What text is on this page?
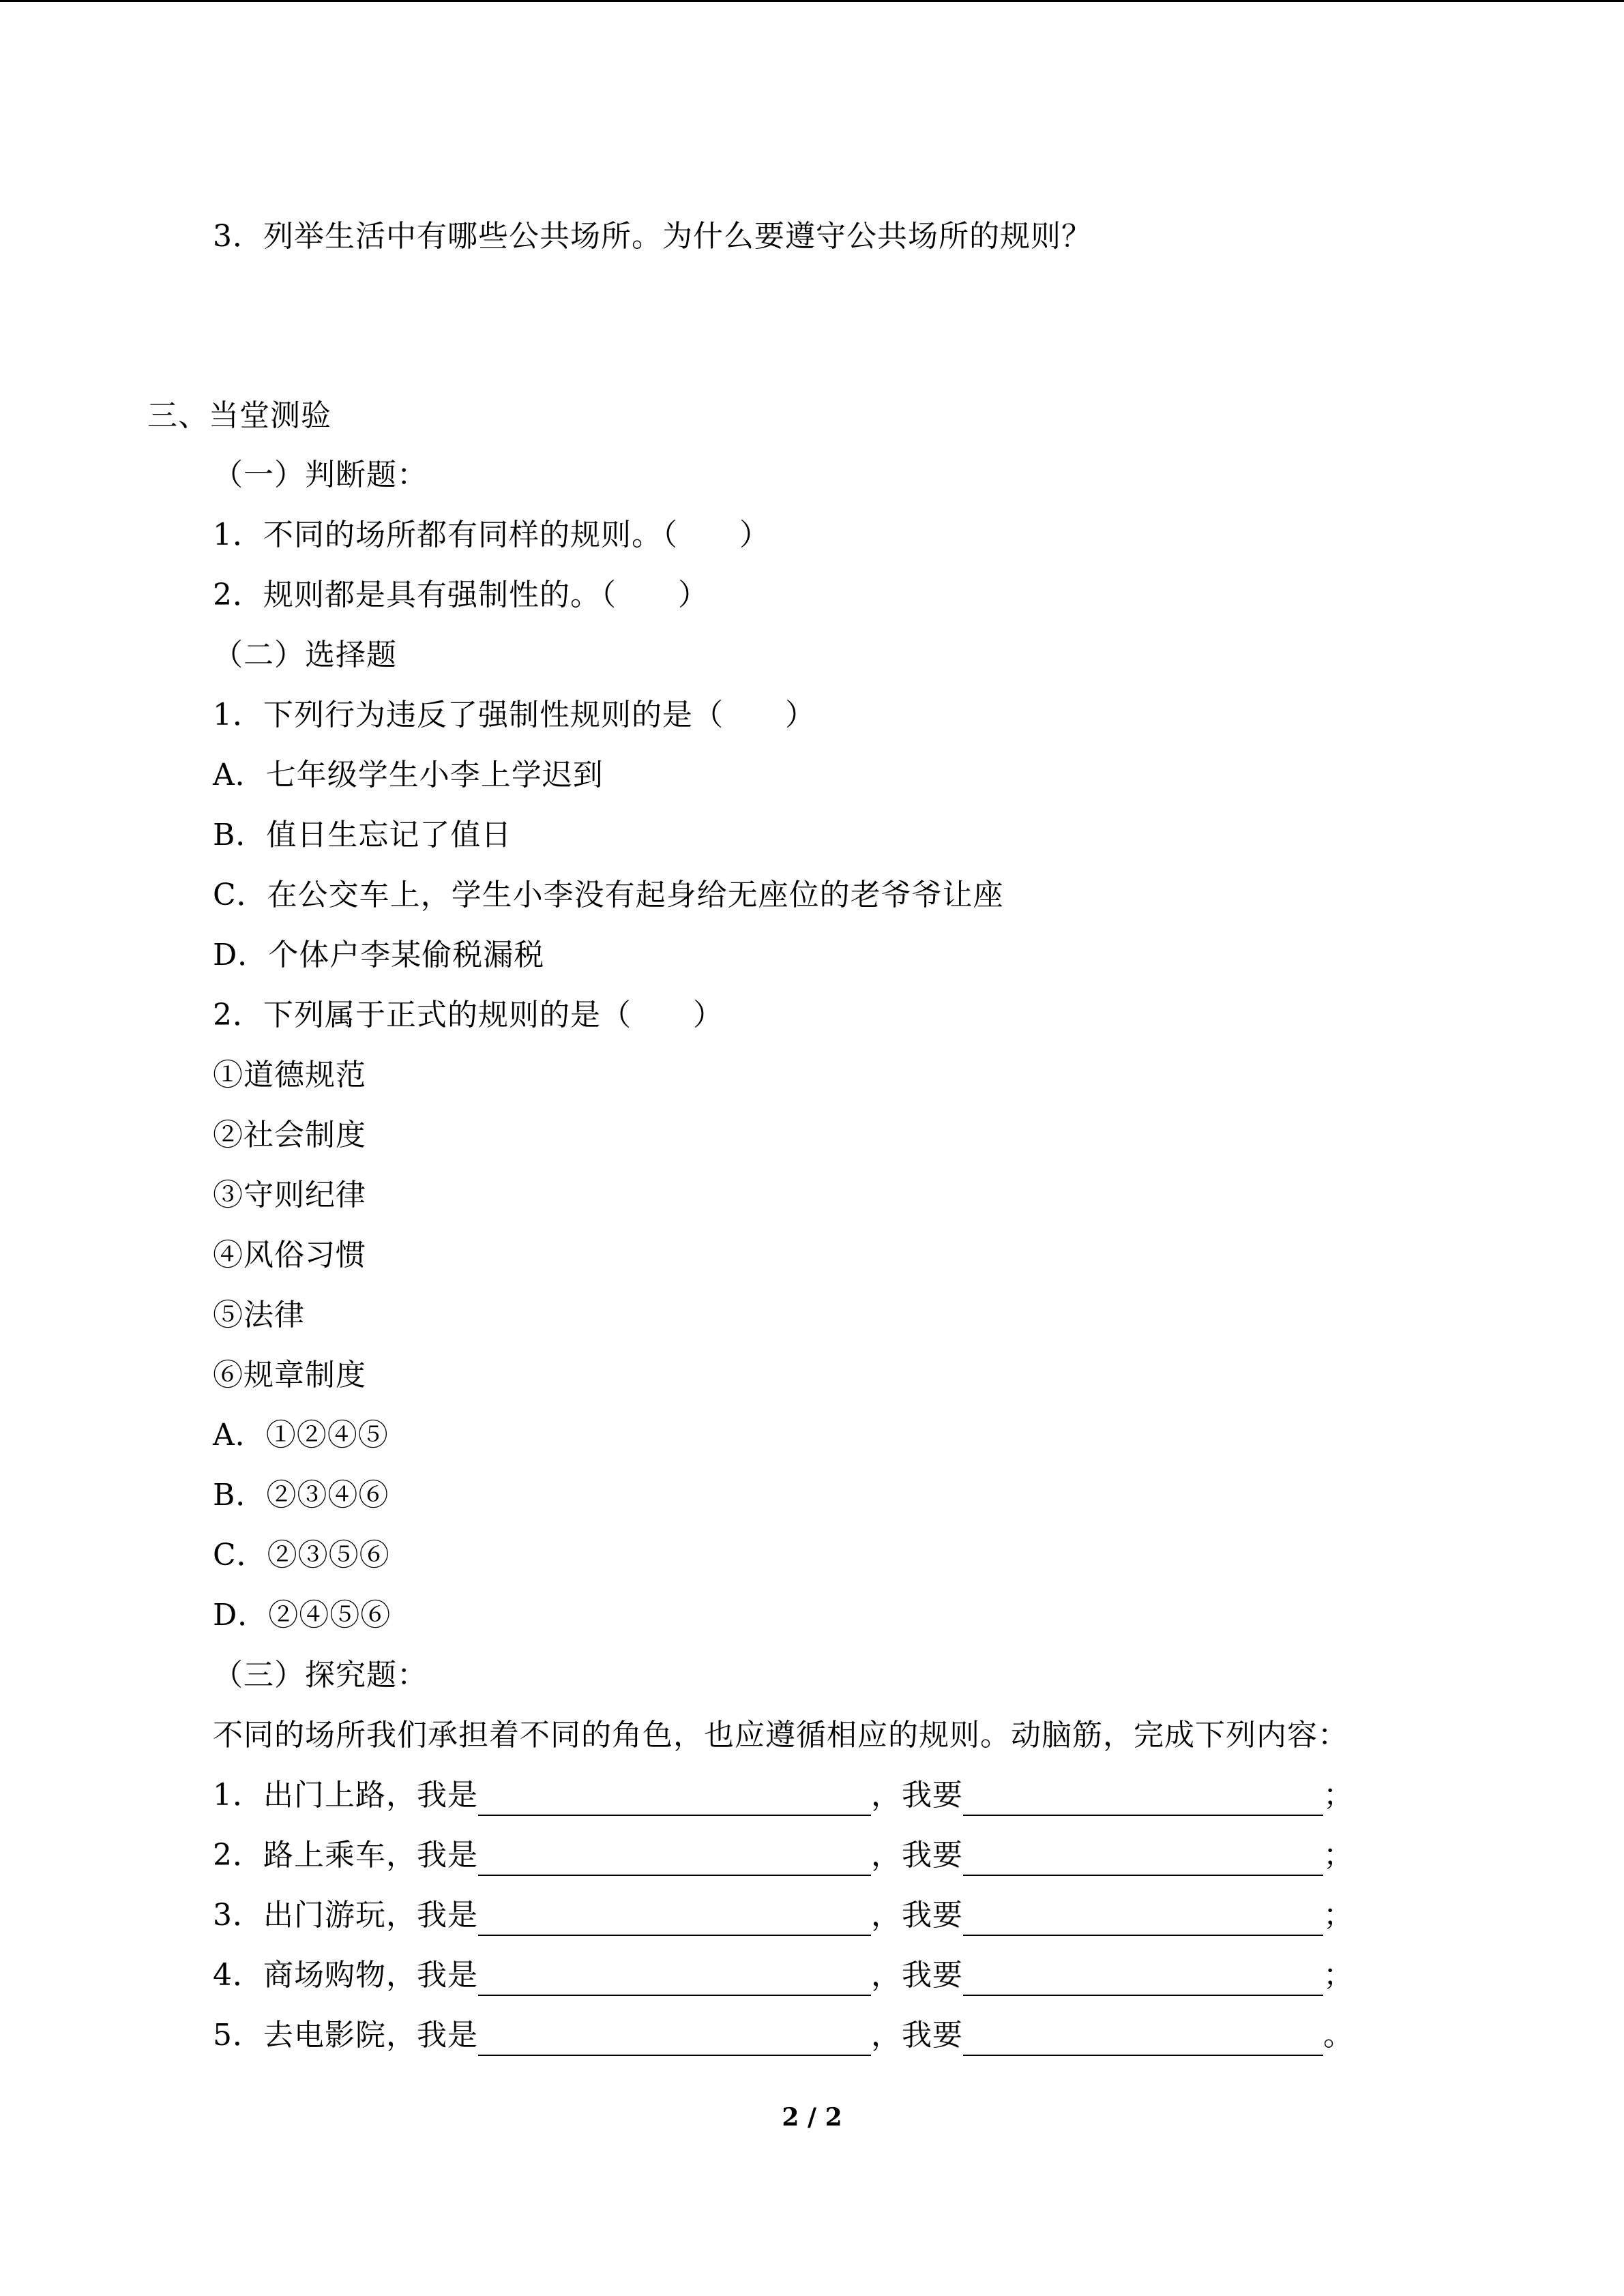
3．列举生活中有哪些公共场所。为什么要遵守公共场所的规则？
三、当堂测验
（一）判断题：
1．不同的场所都有同样的规则。（　　）
2．规则都是具有强制性的。（　　）
（二）选择题
1．下列行为违反了强制性规则的是（　　）
A．七年级学生小李上学迟到
B．值日生忘记了值日
C．在公交车上，学生小李没有起身给无座位的老爷爷让座
D．个体户李某偷税漏税
2．下列属于正式的规则的是（　　）
①道德规范
②社会制度
③守则纪律
④风俗习惯
⑤法律
⑥规章制度
A．①②④⑤
B．②③④⑥
C．②③⑤⑥
D．②④⑤⑥
（三）探究题：
不同的场所我们承担着不同的角色，也应遵循相应的规则。动脑筋，完成下列内容：
1．出门上路，我是	，我要	；
2．路上乘车，我是	，我要	；
3．出门游玩，我是	，我要	；
4．商场购物，我是	，我要	；
5．去电影院，我是	，我要	。
2 / 2
